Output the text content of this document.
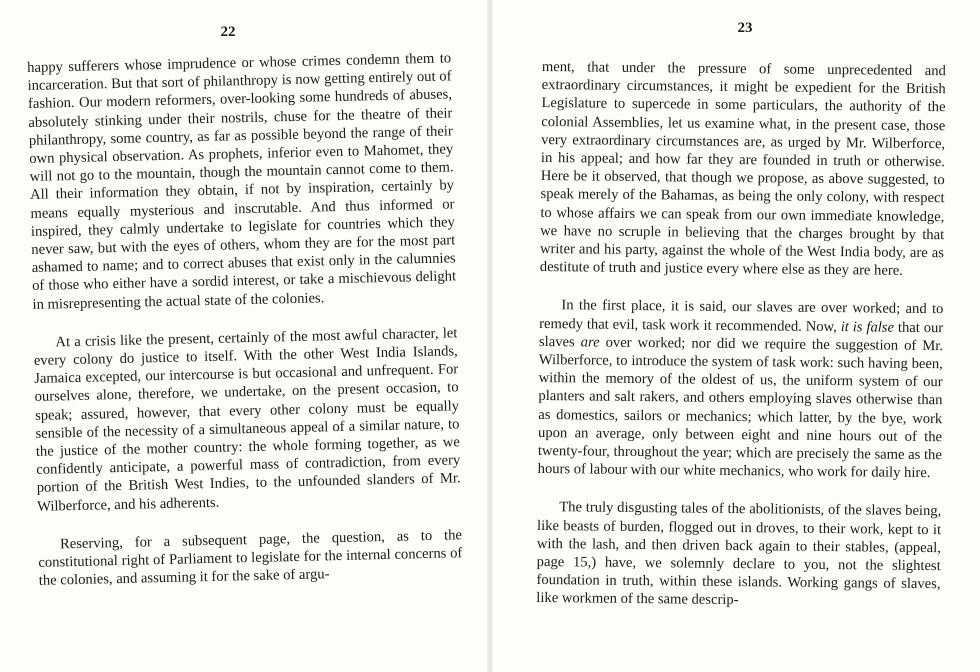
22

happy sufferers whose imprudence or whose crimes condemn them to incarceration. But that sort of philanthropy is now getting entirely out of fashion. Our modern reformers, over-looking some hundreds of abuses, absolutely stinking under their nostrils, chuse for the theatre of their philanthropy, some country, as far as possible beyond the range of their own physical observation. As prophets, inferior even to Mahomet, they will not go to the mountain, though the mountain cannot come to them. All their information they obtain, if not by inspiration, certainly by means equally mysterious and inscrutable. And thus informed or inspired, they calmly undertake to legislate for countries which they never saw, but with the eyes of others, whom they are for the most part ashamed to name; and to correct abuses that exist only in the calumnies of those who either have a sordid interest, or take a mischievous delight in misrepresenting the actual state of the colonies.

At a crisis like the present, certainly of the most awful character, let every colony do justice to itself. With the other West India Islands, Jamaica excepted, our intercourse is but occasional and unfrequent. For ourselves alone, therefore, we undertake, on the present occasion, to speak; assured, however, that every other colony must be equally sensible of the necessity of a simultaneous appeal of a similar nature, to the justice of the mother country: the whole forming together, as we confidently anticipate, a powerful mass of contradiction, from every portion of the British West Indies, to the unfounded slanders of Mr. Wilberforce, and his adherents.

Reserving, for a subsequent page, the question, as to the constitutional right of Parliament to legislate for the internal concerns of the colonies, and assuming it for the sake of argu-

23

ment, that under the pressure of some unprecedented and extraordinary circumstances, it might be expedient for the British Legislature to supercede in some particulars, the authority of the colonial Assemblies, let us examine what, in the present case, those very extraordinary circumstances are, as urged by Mr. Wilberforce, in his appeal; and how far they are founded in truth or otherwise. Here be it observed, that though we propose, as above suggested, to speak merely of the Bahamas, as being the only colony, with respect to whose affairs we can speak from our own immediate knowledge, we have no scruple in believing that the charges brought by that writer and his party, against the whole of the West India body, are as destitute of truth and justice every where else as they are here.

In the first place, it is said, our slaves are over worked; and to remedy that evil, task work it recommended. Now, it is false that our slaves are over worked; nor did we require the suggestion of Mr. Wilberforce, to introduce the system of task work: such having been, within the memory of the oldest of us, the uniform system of our planters and salt rakers, and others employing slaves otherwise than as domestics, sailors or mechanics; which latter, by the bye, work upon an average, only between eight and nine hours out of the twenty-four, throughout the year; which are precisely the same as the hours of labour with our white mechanics, who work for daily hire.

The truly disgusting tales of the abolitionists, of the slaves being, like beasts of burden, flogged out in droves, to their work, kept to it with the lash, and then driven back again to their stables, (appeal, page 15,) have, we solemnly declare to you, not the slightest foundation in truth, within these islands. Working gangs of slaves, like workmen of the same descrip-
